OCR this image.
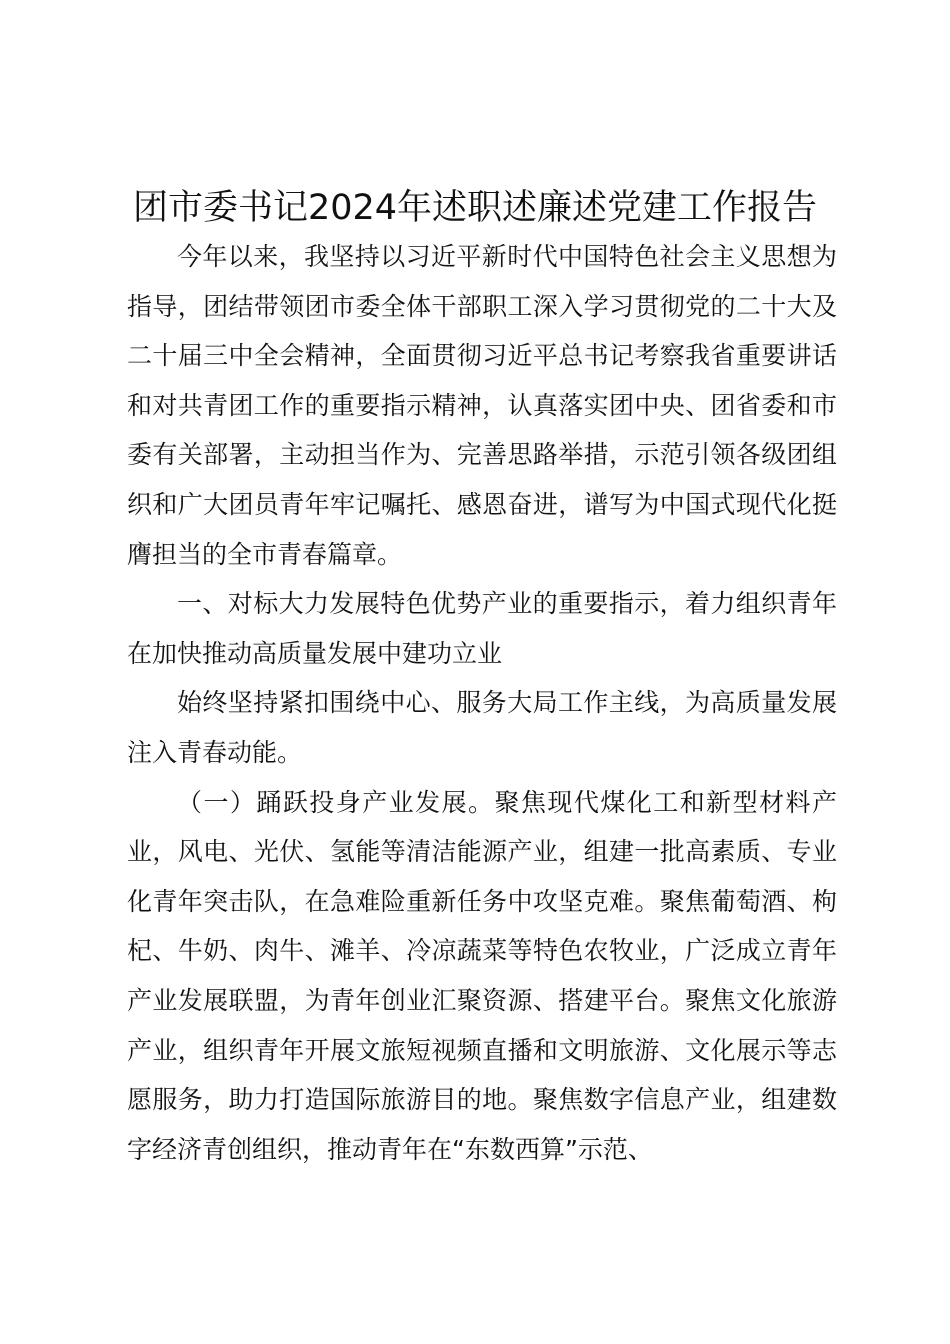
团市委书记2024年述职述廉述党建工作报告

今年以来，我坚持以习近平新时代中国特色社会主义思想为指导，团结带领团市委全体干部职工深入学习贯彻党的二十大及二十届三中全会精神，全面贯彻习近平总书记考察我省重要讲话和对共青团工作的重要指示精神，认真落实团中央、团省委和市委有关部署，主动担当作为、完善思路举措，示范引领各级团组织和广大团员青年牢记嘱托、感恩奋进，谱写为中国式现代化挺膺担当的全市青春篇章。

一、对标大力发展特色优势产业的重要指示，着力组织青年在加快推动高质量发展中建功立业

始终坚持紧扣围绕中心、服务大局工作主线，为高质量发展注入青春动能。

（一）踊跃投身产业发展。聚焦现代煤化工和新型材料产业，风电、光伏、氢能等清洁能源产业，组建一批高素质、专业化青年突击队，在急难险重新任务中攻坚克难。聚焦葡萄酒、枸杞、牛奶、肉牛、滩羊、冷凉蔬菜等特色农牧业，广泛成立青年产业发展联盟，为青年创业汇聚资源、搭建平台。聚焦文化旅游产业，组织青年开展文旅短视频直播和文明旅游、文化展示等志愿服务，助力打造国际旅游目的地。聚焦数字信息产业，组建数字经济青创组织，推动青年在“东数西算”示范、
